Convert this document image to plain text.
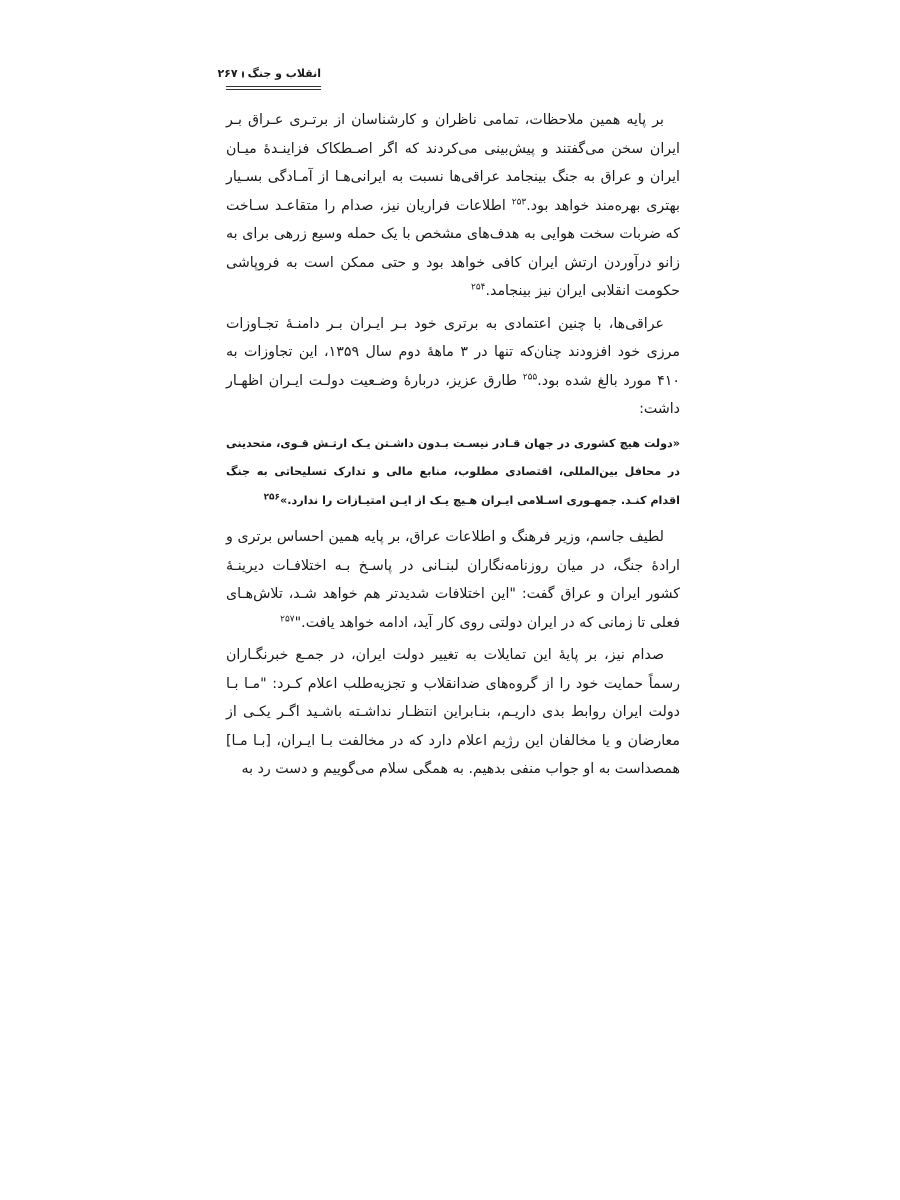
انقلاب و جنگ
۲۶۷

بر پایه همین ملاحظات، تمامی ناظران و کارشناسان از برتـری عـراق بـر ایران سخن می‌گفتند و پیش‌بینی می‌کردند که اگر اصـطکاک فزاینـدهٔ میـان ایران و عراق به جنگ بینجامد عراقی‌ها نسبت به ایرانی‌هـا از آمـادگی بسـیار بهتری بهره‌مند خواهد بود.$^{۲۵۳}$ اطلاعات فراریان نیز، صدام را متقاعـد سـاخت که ضربات سخت هوایی به هدف‌های مشخص با یک حمله وسیع زرهی برای به زانو درآوردن ارتش ایران کافی خواهد بود و حتی ممکن است به فروپاشی حکومت انقلابی ایران نیز بینجامد.$^{۲۵۴}$

عراقی‌ها، با چنین اعتمادی به برتری خود بـر ایـران بـر دامنـهٔ تجـاوزات مرزی خود افزودند چنان‌که تنها در ۳ ماههٔ دوم سال ۱۳۵۹، این تجاوزات به ۴۱۰ مورد بالغ شده بود.$^{۲۵۵}$ طارق عزیز، دربارهٔ وضـعیت دولـت ایـران اظهـار داشت:

«دولت هیچ کشوری در جهان قـادر نیسـت بـدون داشـتن یـک ارتـش قـوی، متحدینی در محافل بین‌المللی، اقتصادی مطلوب، منابع مالی و تدارک تسلیحاتی به جنگ اقدام کنـد. جمهـوری اسـلامی ایـران هـیچ یـک از ایـن امتیـازات را ندارد.»$^{۲۵۶}$

لطیف جاسم، وزیر فرهنگ و اطلاعات عراق، بر پایه همین احساس برتری و ارادهٔ جنگ، در میان روزنامه‌نگاران لبنـانی در پاسـخ بـه اختلافـات دیرینـهٔ کشور ایران و عراق گفت: "این اختلافات شدیدتر هم خواهد شـد، تلاش‌هـای فعلی تا زمانی که در ایران دولتی روی کار آید، ادامه خواهد یافت."$^{۲۵۷}$

صدام نیز، بر پایهٔ این تمایلات به تغییر دولت ایران، در جمـع خبرنگـاران رسماً حمایت خود را از گروه‌های ضدانقلاب و تجزیه‌طلب اعلام کـرد: "مـا بـا دولت ایران روابط بدی داریـم، بنـابراین انتظـار نداشـته باشـید اگـر یکـی از معارضان و یا مخالفان این رژیم اعلام دارد که در مخالفت بـا ایـران، [بـا مـا] همصداست به او جواب منفی بدهیم. به همگی سلام می‌گوییم و دست رد به
